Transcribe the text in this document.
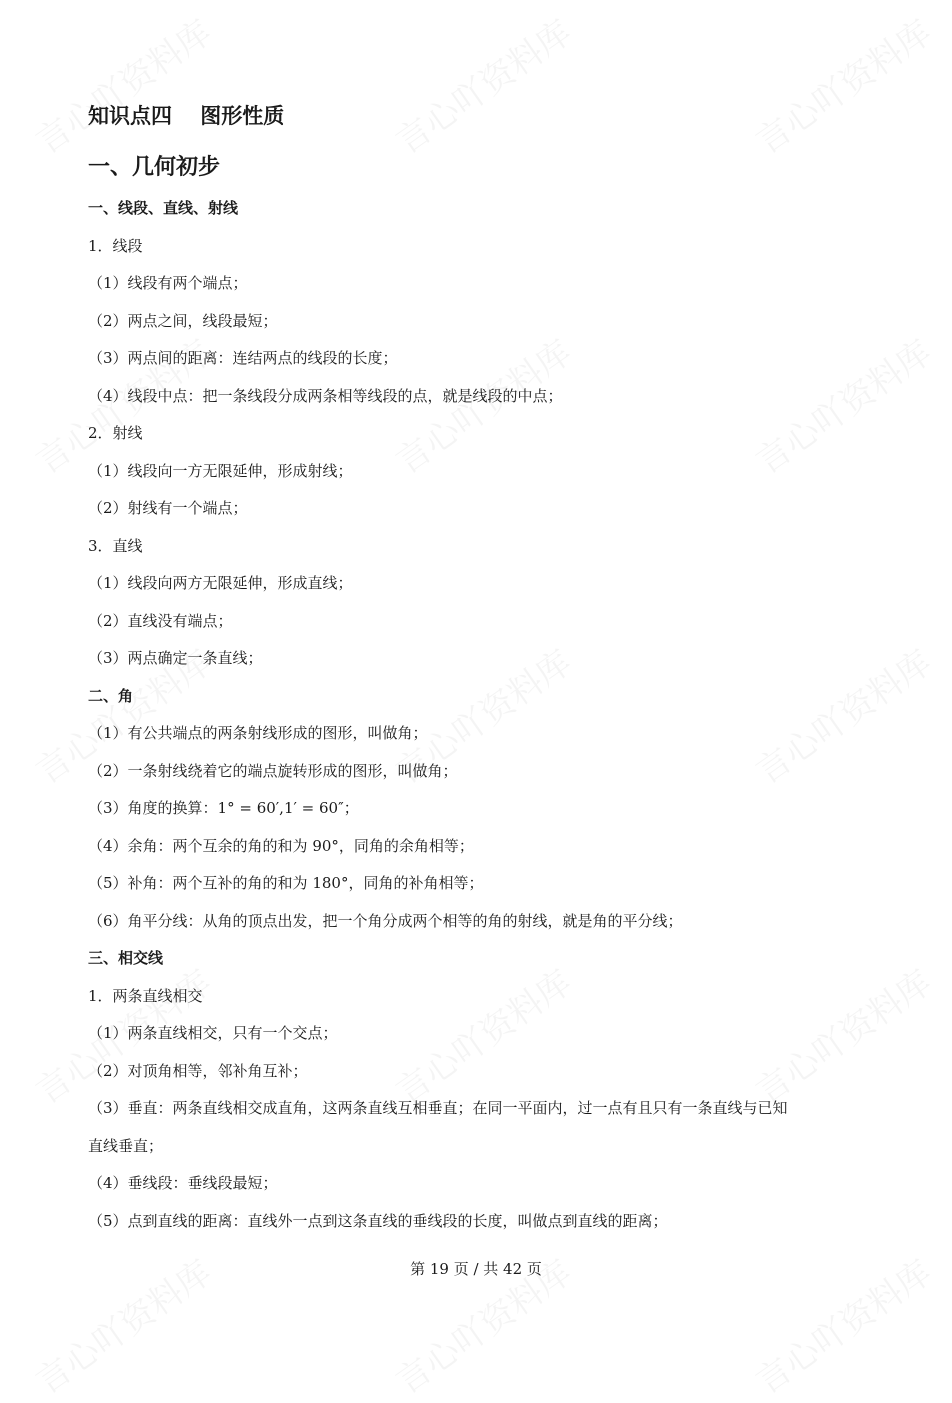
知识点四　 图形性质
一、几何初步
一、线段、直线、射线
1．线段
（1）线段有两个端点；
（2）两点之间，线段最短；
（3）两点间的距离：连结两点的线段的长度；
（4）线段中点：把一条线段分成两条相等线段的点，就是线段的中点；
2．射线
（1）线段向一方无限延伸，形成射线；
（2）射线有一个端点；
3．直线
（1）线段向两方无限延伸，形成直线；
（2）直线没有端点；
（3）两点确定一条直线；
二、角
（1）有公共端点的两条射线形成的图形，叫做角；
（2）一条射线绕着它的端点旋转形成的图形，叫做角；
（3）角度的换算：1° = 60′,1′ = 60″；
（4）余角：两个互余的角的和为 90°，同角的余角相等；
（5）补角：两个互补的角的和为 180°，同角的补角相等；
（6）角平分线：从角的顶点出发，把一个角分成两个相等的角的射线，就是角的平分线；
三、相交线
1．两条直线相交
（1）两条直线相交，只有一个交点；
（2）对顶角相等，邻补角互补；
（3）垂直：两条直线相交成直角，这两条直线互相垂直；在同一平面内，过一点有且只有一条直线与已知
直线垂直；
（4）垂线段：垂线段最短；
（5）点到直线的距离：直线外一点到这条直线的垂线段的长度，叫做点到直线的距离；
第 19 页 / 共 42 页
